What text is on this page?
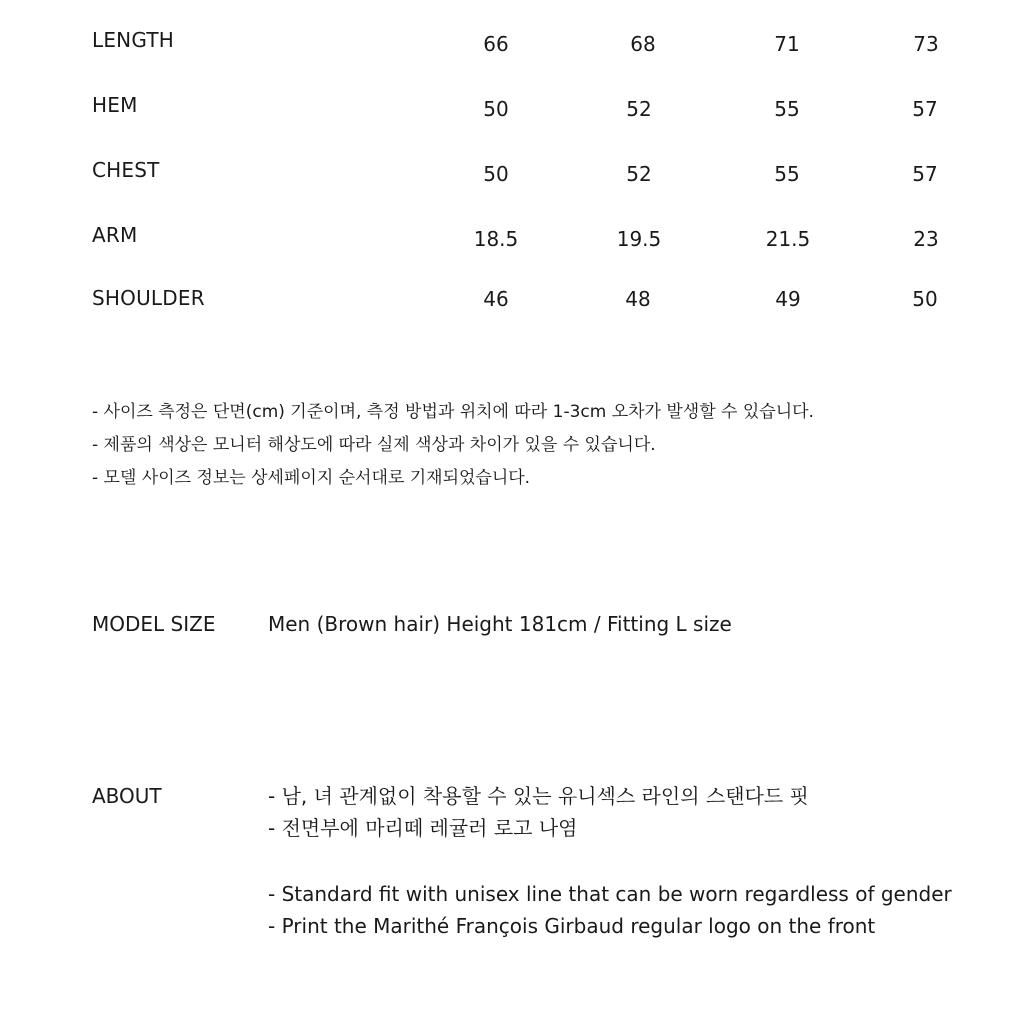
LENGTH	66	68	71	73
HEM	50	52	55	57
CHEST	50	52	55	57
ARM	18.5	19.5	21.5	23
SHOULDER	46	48	49	50
- 사이즈 측정은 단면(cm) 기준이며, 측정 방법과 위치에 따라 1-3cm 오차가 발생할 수 있습니다.
- 제품의 색상은 모니터 해상도에 따라 실제 색상과 차이가 있을 수 있습니다.
- 모델 사이즈 정보는 상세페이지 순서대로 기재되었습니다.
MODEL SIZE	Men (Brown hair) Height 181cm / Fitting L size
ABOUT	- 남, 녀 관계없이 착용할 수 있는 유니섹스 라인의 스탠다드 핏
- 전면부에 마리떼 레귤러 로고 나염
- Standard fit with unisex line that can be worn regardless of gender
- Print the Marithé François Girbaud regular logo on the front
